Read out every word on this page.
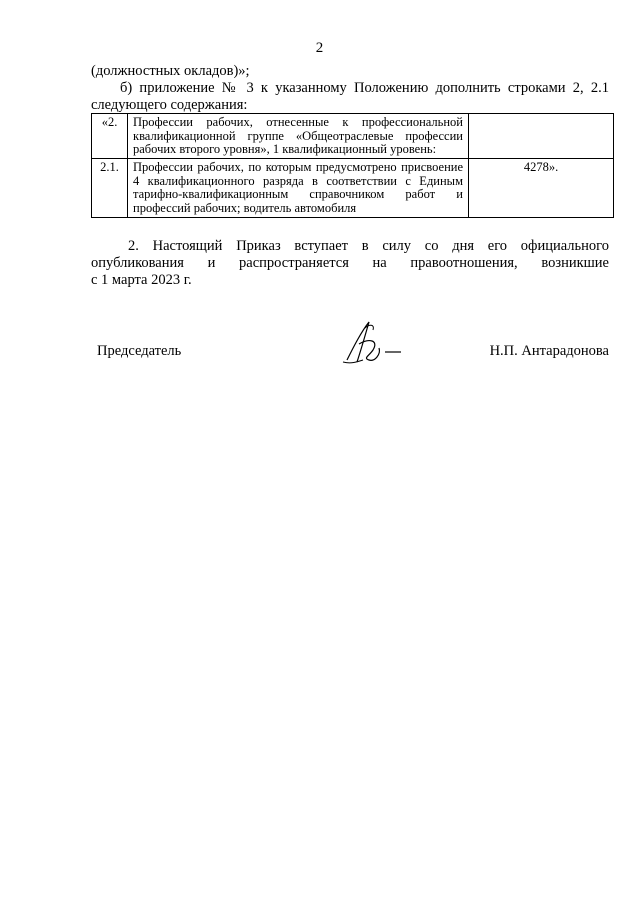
2
(должностных окладов)»;
б) приложение № 3 к указанному Положению дополнить строками 2, 2.1
следующего содержания:
«2.	Профессии рабочих, отнесенные к профессиональной квалификационной группе «Общеотраслевые профессии рабочих второго уровня», 1 квалификационный уровень:	
2.1.	Профессии рабочих, по которым предусмотрено присвоение 4 квалификационного разряда в соответствии с Единым тарифно-квалификационным справочником работ и профессий рабочих; водитель автомобиля	4278».
2. Настоящий Приказ вступает в силу со дня его официального
опубликования и распространяется на правоотношения, возникшие
с 1 марта 2023 г.
Председатель	Н.П. Антарадонова
